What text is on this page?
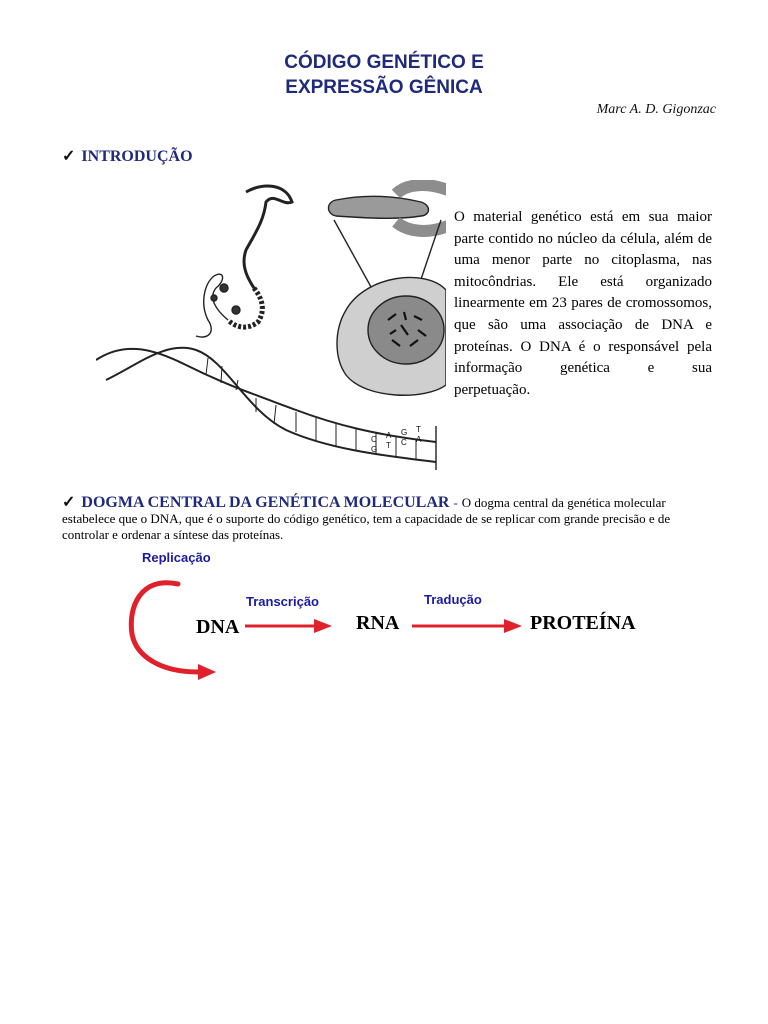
CÓDIGO GENÉTICO E
EXPRESSÃO GÊNICA
Marc A. D. Gigonzac
✓ INTRODUÇÃO
C
G
A
T
G
C
T
A
O material genético está em sua maior parte contido no núcleo da célula, além de uma menor parte no citoplasma, nas mitocôndrias. Ele está organizado linearmente em 23 pares de cromossomos, que são uma associação de DNA e proteínas. O DNA é o responsável pela informação genética e sua
perpetuação.
✓ DOGMA CENTRAL DA GENÉTICA MOLECULAR - O dogma central da genética molecular estabelece que o DNA, que é o suporte do código genético, tem a capacidade de se replicar com grande precisão e de controlar e ordenar a síntese das proteínas.
Replicação
Transcrição	Tradução
DNA	RNA	PROTEÍNA
